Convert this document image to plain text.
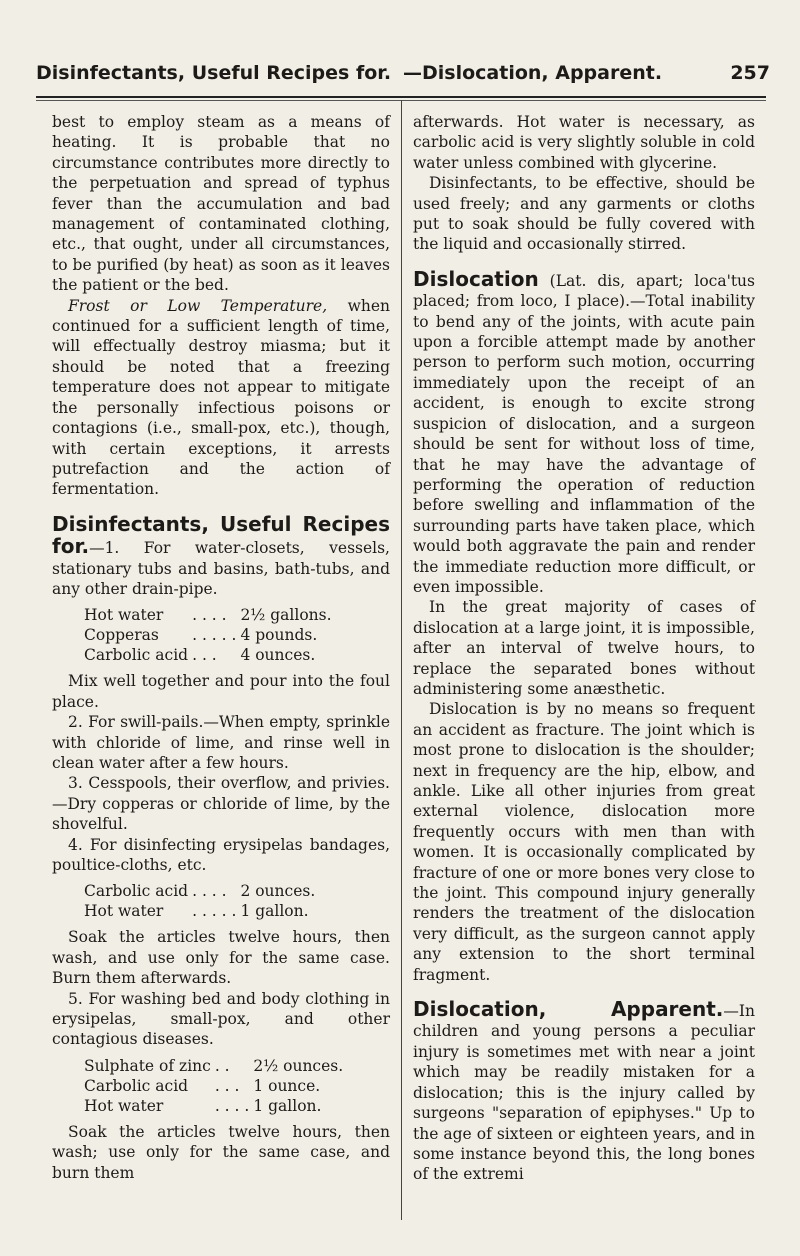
Disinfectants, Useful Recipes for. —Dislocation, Apparent.	257

best to employ steam as a means of heating. It is probable that no circumstance contributes more directly to the perpetuation and spread of typhus fever than the accumulation and bad management of contaminated clothing, etc., that ought, under all circumstances, to be purified (by heat) as soon as it leaves the patient or the bed.

Frost or Low Temperature, when continued for a sufficient length of time, will effectually destroy miasma; but it should be noted that a freezing temperature does not appear to mitigate the personally infectious poisons or contagions (i.e., small-pox, etc.), though, with certain exceptions, it arrests putrefaction and the action of fermentation.

Disinfectants, Useful Recipes for.—1. For water-closets, vessels, stationary tubs and basins, bath-tubs, and any other drain-pipe.

Hot water	. . . .	2½ gallons.
Copperas	. . . . .	4 pounds.
Carbolic acid	. . .	4 ounces.

Mix well together and pour into the foul place.

2. For swill-pails.—When empty, sprinkle with chloride of lime, and rinse well in clean water after a few hours.

3. Cesspools, their overflow, and privies. —Dry copperas or chloride of lime, by the shovelful.

4. For disinfecting erysipelas bandages, poultice-cloths, etc.

Carbolic acid	. . . .	2 ounces.
Hot water	. . . . .	1 gallon.

Soak the articles twelve hours, then wash, and use only for the same case. Burn them afterwards.

5. For washing bed and body clothing in erysipelas, small-pox, and other contagious diseases.

Sulphate of zinc	. .	2½ ounces.
Carbolic acid	. . .	1 ounce.
Hot water	. . . .	1 gallon.

Soak the articles twelve hours, then wash; use only for the same case, and burn them

afterwards. Hot water is necessary, as carbolic acid is very slightly soluble in cold water unless combined with glycerine.

Disinfectants, to be effective, should be used freely; and any garments or cloths put to soak should be fully covered with the liquid and occasionally stirred.

Dislocation (Lat. dis, apart; loca'tus placed; from loco, I place).—Total inability to bend any of the joints, with acute pain upon a forcible attempt made by another person to perform such motion, occurring immediately upon the receipt of an accident, is enough to excite strong suspicion of dislocation, and a surgeon should be sent for without loss of time, that he may have the advantage of performing the operation of reduction before swelling and inflammation of the surrounding parts have taken place, which would both aggravate the pain and render the immediate reduction more difficult, or even impossible.

In the great majority of cases of dislocation at a large joint, it is impossible, after an interval of twelve hours, to replace the separated bones without administering some anæsthetic.

Dislocation is by no means so frequent an accident as fracture. The joint which is most prone to dislocation is the shoulder; next in frequency are the hip, elbow, and ankle. Like all other injuries from great external violence, dislocation more frequently occurs with men than with women. It is occasionally complicated by fracture of one or more bones very close to the joint. This compound injury generally renders the treatment of the dislocation very difficult, as the surgeon cannot apply any extension to the short terminal fragment.

Dislocation, Apparent.—In children and young persons a peculiar injury is sometimes met with near a joint which may be readily mistaken for a dislocation; this is the injury called by surgeons "separation of epiphyses." Up to the age of sixteen or eighteen years, and in some instance beyond this, the long bones of the extremi
